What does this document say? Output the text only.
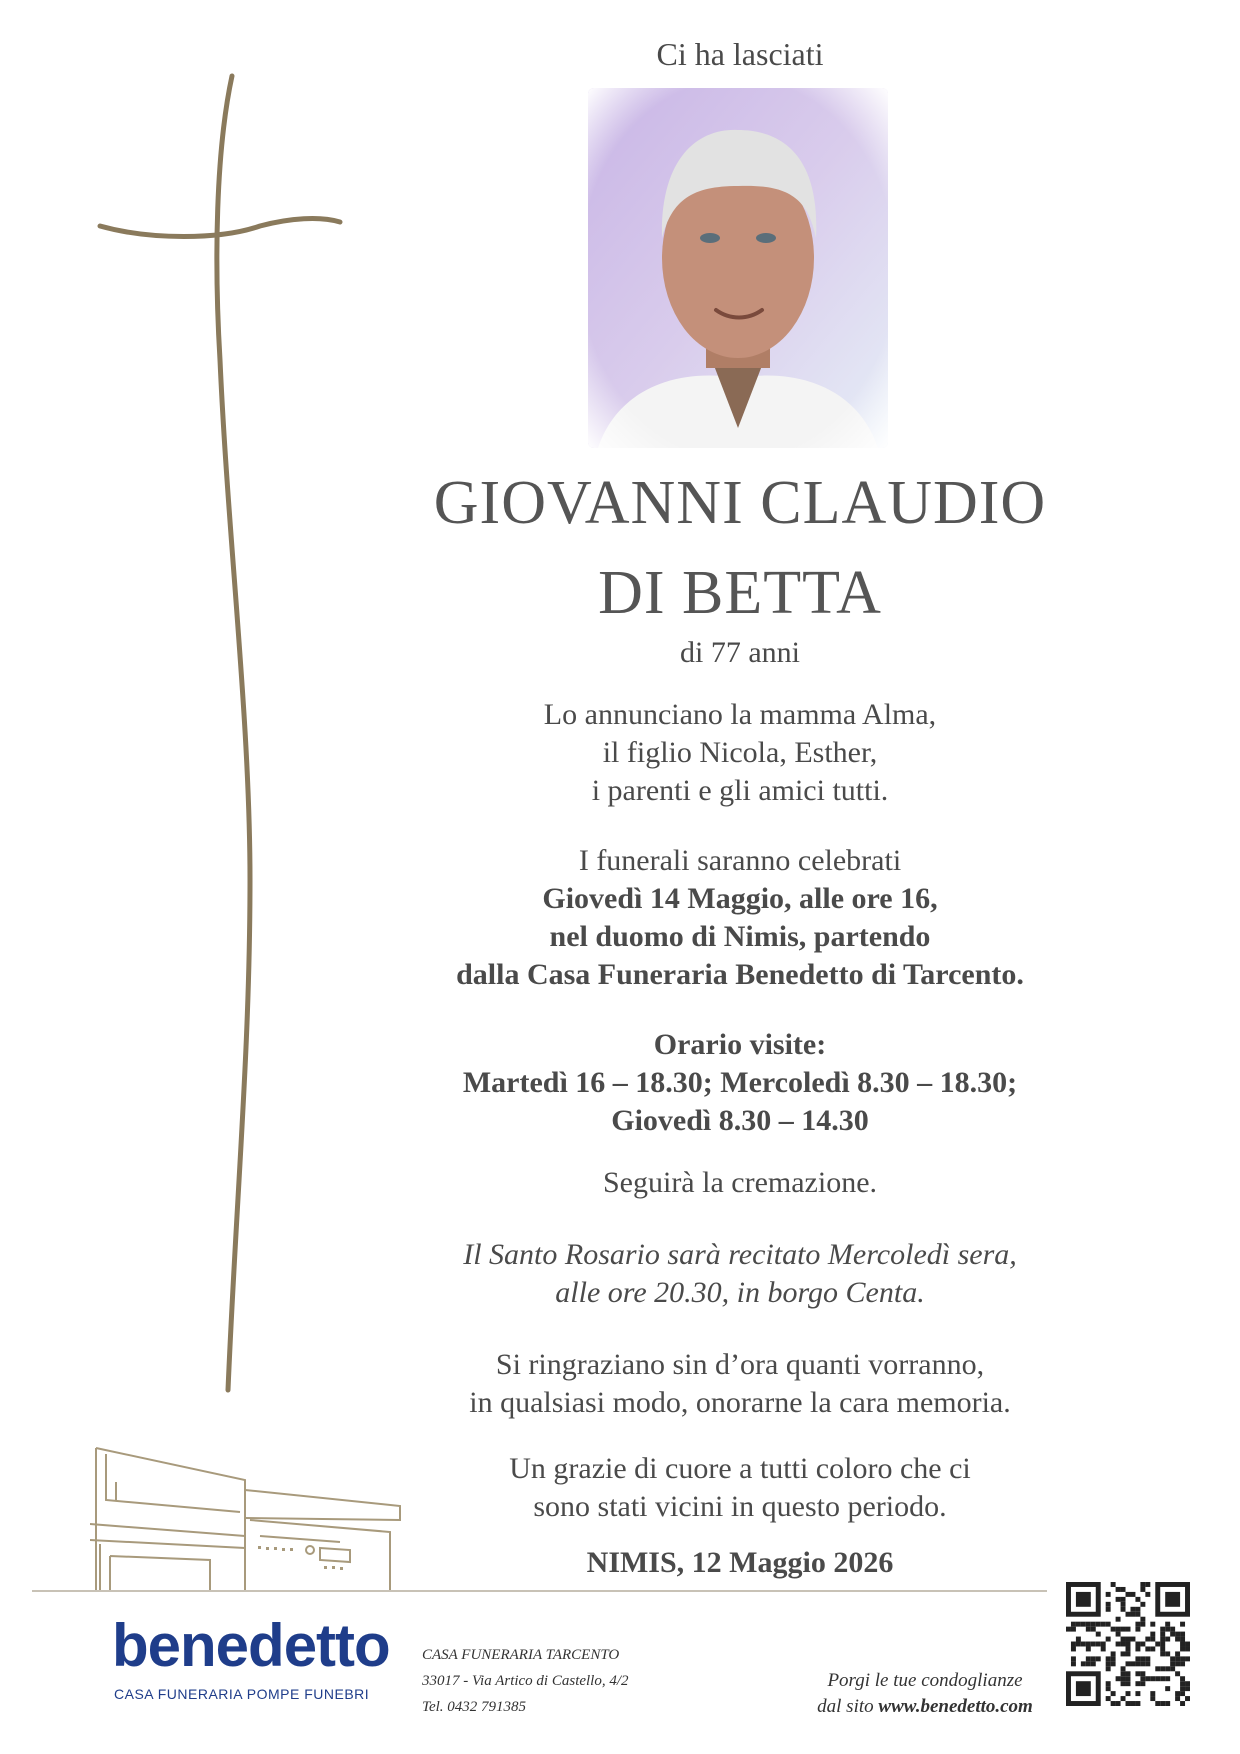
Ci ha lasciati
GIOVANNI CLAUDIO
DI BETTA
di 77 anni
Lo annunciano la mamma Alma,
il figlio Nicola, Esther,
i parenti e gli amici tutti.
I funerali saranno celebrati
Giovedì 14 Maggio, alle ore 16,
nel duomo di Nimis, partendo
dalla Casa Funeraria Benedetto di Tarcento.
Orario visite:
Martedì 16 – 18.30; Mercoledì 8.30 – 18.30;
Giovedì 8.30 – 14.30
Seguirà la cremazione.
Il Santo Rosario sarà recitato Mercoledì sera,
alle ore 20.30, in borgo Centa.
Si ringraziano sin d’ora quanti vorranno,
in qualsiasi modo, onorarne la cara memoria.
Un grazie di cuore a tutti coloro che ci
sono stati vicini in questo periodo.
NIMIS, 12 Maggio 2026
benedetto
CASA FUNERARIA POMPE FUNEBRI
CASA FUNERARIA TARCENTO
33017 - Via Artico di Castello, 4/2
Tel. 0432 791385
Porgi le tue condoglianze
dal sito www.benedetto.com
